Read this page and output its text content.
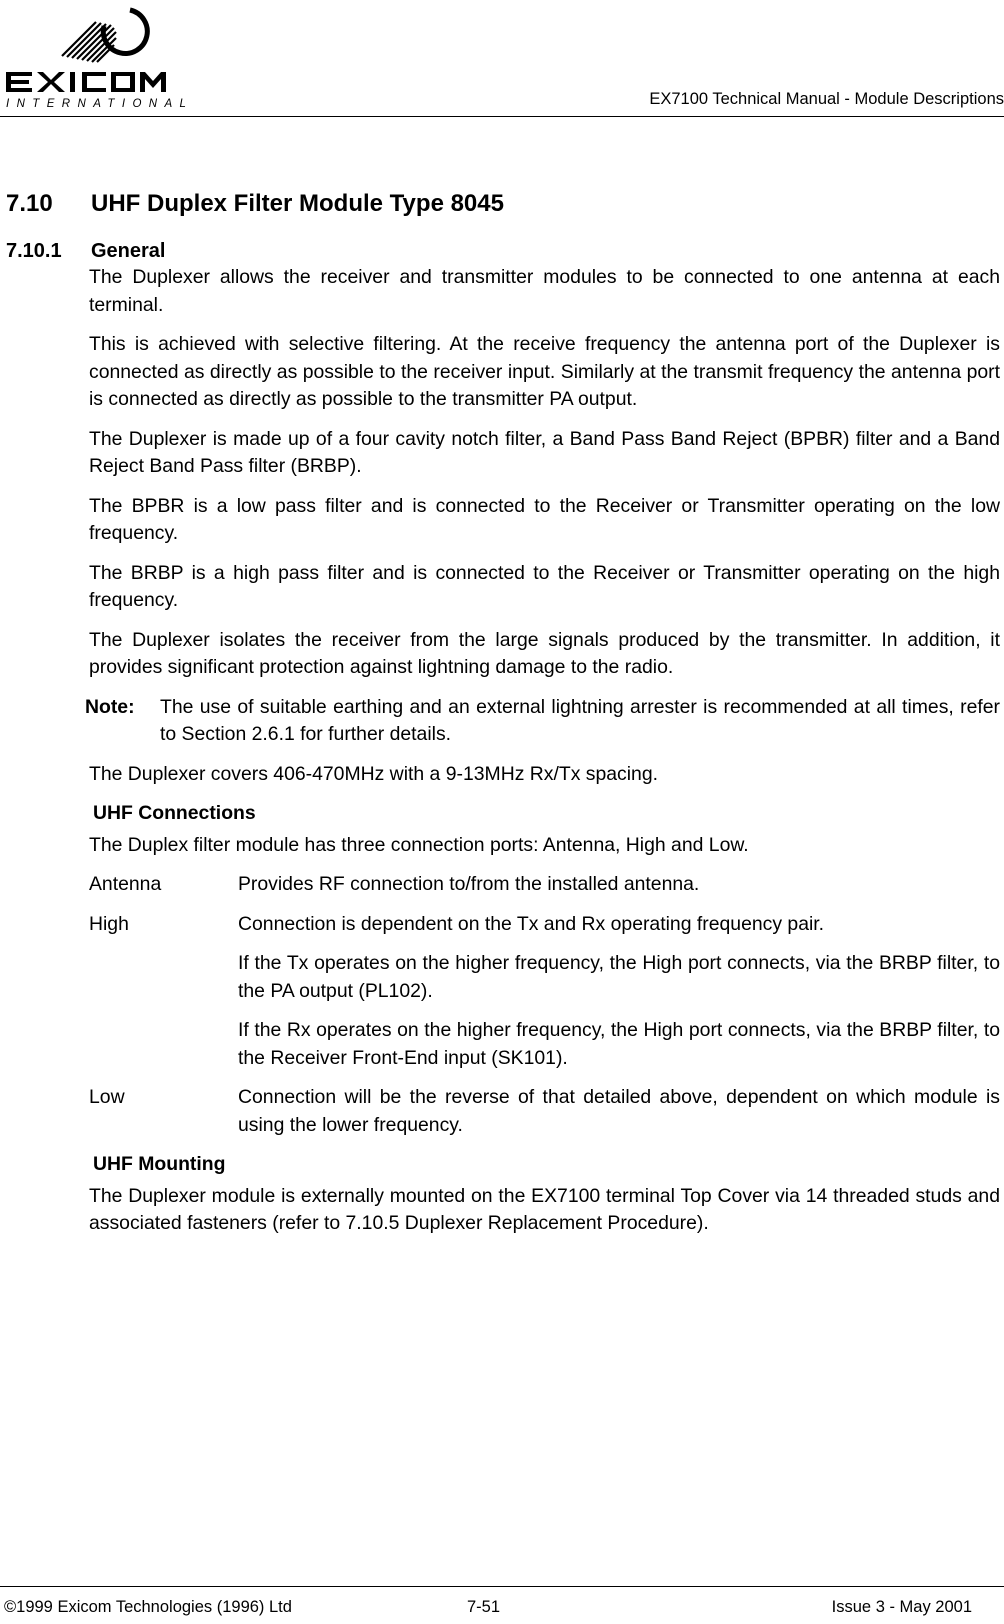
INTERNATIONAL	EX7100 Technical Manual - Module Descriptions
7.10 UHF Duplex Filter Module Type 8045
7.10.1 General

The Duplexer allows the receiver and transmitter modules to be connected to one antenna at each terminal.

This is achieved with selective filtering. At the receive frequency the antenna port of the Duplexer is connected as directly as possible to the receiver input. Similarly at the transmit frequency the antenna port is connected as directly as possible to the transmitter PA output.

The Duplexer is made up of a four cavity notch filter, a Band Pass Band Reject (BPBR) filter and a Band Reject Band Pass filter (BRBP).

The BPBR is a low pass filter and is connected to the Receiver or Transmitter operating on the low frequency.

The BRBP is a high pass filter and is connected to the Receiver or Transmitter operating on the high frequency.

The Duplexer isolates the receiver from the large signals produced by the transmitter. In addition, it provides significant protection against lightning damage to the radio.

Note: The use of suitable earthing and an external lightning arrester is recommended at all times, refer to Section 2.6.1 for further details.

The Duplexer covers 406-470MHz with a 9-13MHz Rx/Tx spacing.

UHF Connections

The Duplex filter module has three connection ports: Antenna, High and Low.

Antenna	Provides RF connection to/from the installed antenna.
High	Connection is dependent on the Tx and Rx operating frequency pair.
If the Tx operates on the higher frequency, the High port connects, via the BRBP filter, to the PA output (PL102).
If the Rx operates on the higher frequency, the High port connects, via the BRBP filter, to the Receiver Front-End input (SK101).
Low	Connection will be the reverse of that detailed above, dependent on which module is using the lower frequency.
UHF Mounting

The Duplexer module is externally mounted on the EX7100 terminal Top Cover via 14 threaded studs and associated fasteners (refer to 7.10.5 Duplexer Replacement Procedure).

©1999 Exicom Technologies (1996) Ltd	7-51	Issue 3 - May 2001
